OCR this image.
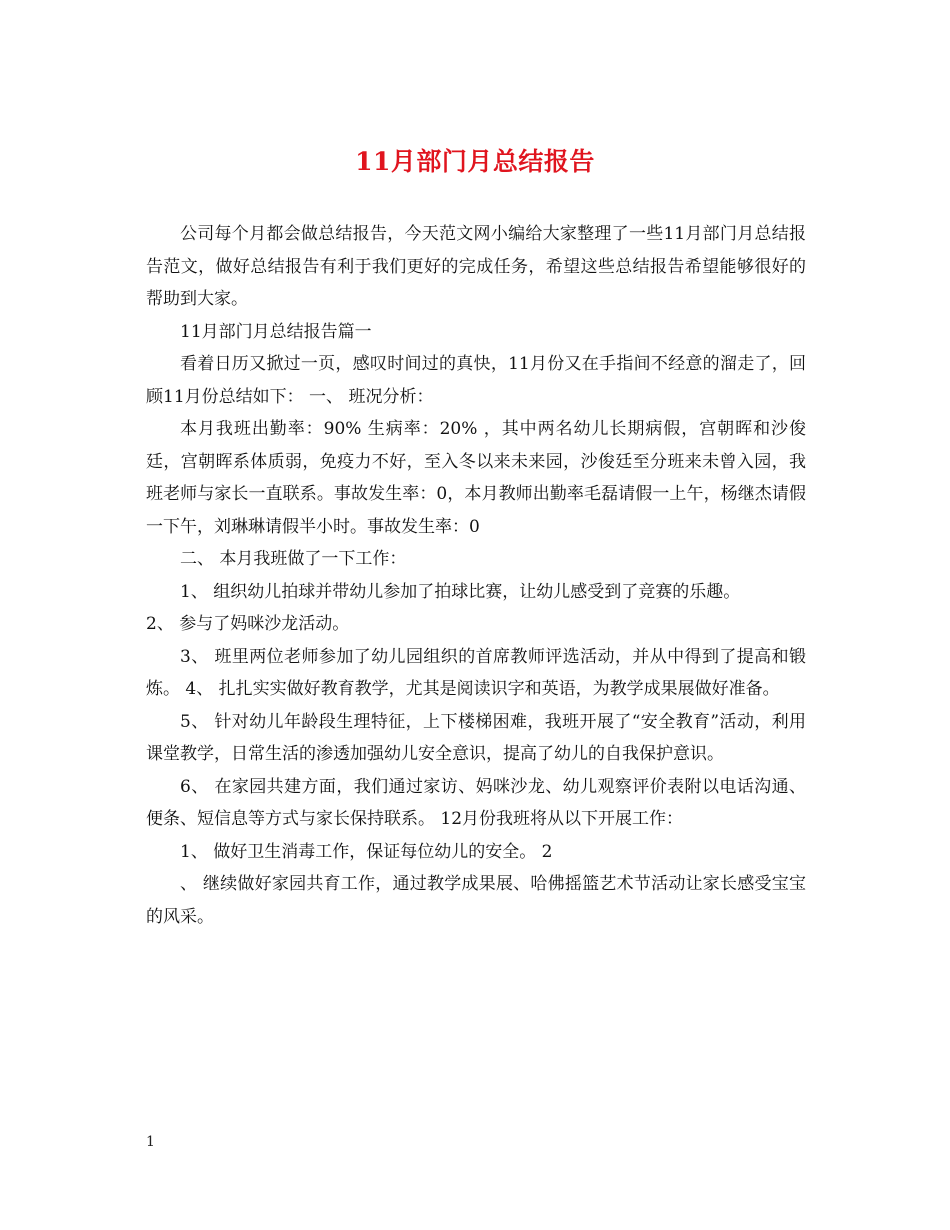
11月部门月总结报告

公司每个月都会做总结报告，今天范文网小编给大家整理了一些11月部门月总结报告范文，做好总结报告有利于我们更好的完成任务，希望这些总结报告希望能够很好的帮助到大家。

11月部门月总结报告篇一

看着日历又掀过一页，感叹时间过的真快，11月份又在手指间不经意的溜走了，回顾11月份总结如下： 一、 班况分析：

本月我班出勤率：90% 生病率：20% ，其中两名幼儿长期病假，宫朝晖和沙俊廷，宫朝晖系体质弱，免疫力不好，至入冬以来未来园，沙俊廷至分班来未曾入园，我班老师与家长一直联系。事故发生率：0，本月教师出勤率毛磊请假一上午，杨继杰请假一下午，刘琳琳请假半小时。事故发生率：0

二、 本月我班做了一下工作：

1、 组织幼儿拍球并带幼儿参加了拍球比赛，让幼儿感受到了竞赛的乐趣。

2、 参与了妈咪沙龙活动。

3、 班里两位老师参加了幼儿园组织的首席教师评选活动，并从中得到了提高和锻炼。 4、 扎扎实实做好教育教学，尤其是阅读识字和英语，为教学成果展做好准备。

5、 针对幼儿年龄段生理特征，上下楼梯困难，我班开展了“安全教育”活动，利用课堂教学，日常生活的渗透加强幼儿安全意识，提高了幼儿的自我保护意识。

6、 在家园共建方面，我们通过家访、妈咪沙龙、幼儿观察评价表附以电话沟通、便条、短信息等方式与家长保持联系。 12月份我班将从以下开展工作：

1、 做好卫生消毒工作，保证每位幼儿的安全。 2

、 继续做好家园共育工作，通过教学成果展、哈佛摇篮艺术节活动让家长感受宝宝的风采。

1
